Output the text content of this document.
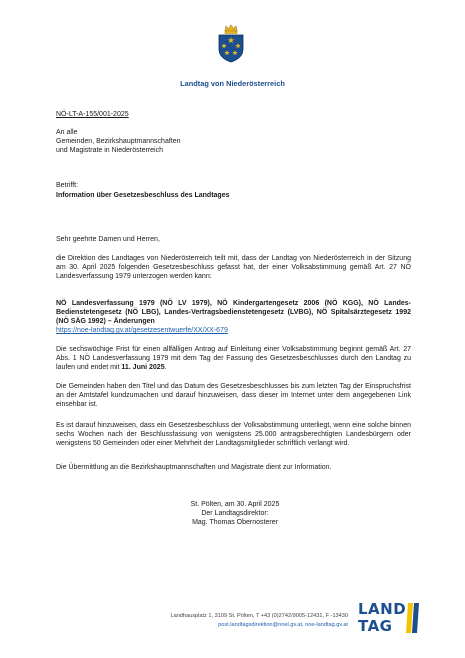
Landtag von Niederösterreich
NÖ-LT-A-155/001-2025
An alle
Gemeinden, Bezirkshauptmannschaften
und Magistrate in Niederösterreich
Betrifft:
Information über Gesetzesbeschluss des Landtages
Sehr geehrte Damen und Herren,
die Direktion des Landtages von Niederösterreich teilt mit, dass der Landtag von Niederösterreich in der Sitzung am 30. April 2025 folgenden Gesetzesbeschluss gefasst hat, der einer Volksabstimmung gemäß Art. 27 NÖ Landesverfassung 1979 unterzogen werden kann:
NÖ Landesverfassung 1979 (NÖ LV 1979), NÖ Kindergartengesetz 2006 (NÖ KGG), NÖ Landes-Bedienstetengesetz (NÖ LBG), Landes-Vertragsbedienstetengesetz (LVBG), NÖ Spitalsärztegesetz 1992 (NÖ SÄG 1992) – Änderungen
https://noe-landtag.gv.at/gesetzesentwuerfe/XX/XX-679
Die sechswöchige Frist für einen allfälligen Antrag auf Einleitung einer Volksabstimmung beginnt gemäß Art. 27 Abs. 1 NÖ Landesverfassung 1979 mit dem Tag der Fassung des Gesetzesbeschlusses durch den Landtag zu laufen und endet mit 11. Juni 2025.
Die Gemeinden haben den Titel und das Datum des Gesetzesbeschlusses bis zum letzten Tag der Einspruchsfrist an der Amtstafel kundzumachen und darauf hinzuweisen, dass dieser im Internet unter dem angegebenen Link einsehbar ist.
Es ist darauf hinzuweisen, dass ein Gesetzesbeschluss der Volksabstimmung unterliegt, wenn eine solche binnen sechs Wochen nach der Beschlussfassung von wenigstens 25.000 antragsberechtigten Landesbürgern oder wenigstens 50 Gemeinden oder einer Mehrheit der Landtagsmitglieder schriftlich verlangt wird.
Die Übermittlung an die Bezirkshauptmannschaften und Magistrate dient zur Information.
St. Pölten, am 30. April 2025
Der Landtagsdirektor:
Mag. Thomas Obernosterer
Landhausplatz 1, 3109 St. Pölten, T +43 (0)2742/9005-12431, F -13430
post.landtagsdirektion@noel.gv.at, noe-landtag.gv.at
LAND
TAG
